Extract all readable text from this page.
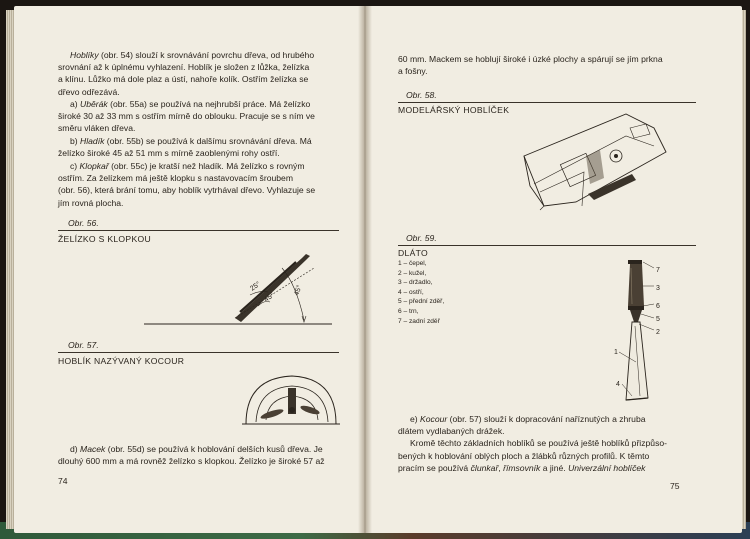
Hoblíky (obr. 54) slouží k srovnávání povrchu dřeva, od hrubého

srovnání až k úplnému vyhlazení. Hoblík je složen z lůžka, želízka

a klínu. Lůžko má dole plaz a ústí, nahoře kolík. Ostřím želízka se

dřevo odřezává.

a) Uběrák (obr. 55a) se používá na nejhrubší práce. Má želízko

široké 30 až 33 mm s ostřím mírně do oblouku. Pracuje se s ním ve

směru vláken dřeva.

b) Hladík (obr. 55b) se používá k dalšímu srovnávání dřeva. Má

želízko široké 45 až 51 mm s mírně zaoblenými rohy ostří.

c) Klopkař (obr. 55c) je kratší než hladík. Má želízko s rovným

ostřím. Za želízkem má ještě klopku s nastavovacím šroubem

(obr. 56), která brání tomu, aby hoblík vytrhával dřevo. Vyhlazuje se

jím rovná plocha.

Obr. 56.
ŽELÍZKO S KLOPKOU
25°
45°
45°
Obr. 57.
HOBLÍK NAZÝVANÝ KOCOUR

d) Macek (obr. 55d) se používá k hoblování delších kusů dřeva. Je

dlouhý 600 mm a má rovněž želízko s klopkou. Želízko je široké 57 až

74

60 mm. Mackem se hoblují široké i úzké plochy a spárují se jím prkna

a fošny.

Obr. 58.
MODELÁŘSKÝ HOBLÍČEK
Obr. 59.
DLÁTO
1 – čepel,
2 – kužel,
3 – držadlo,
4 – ostří,
5 – přední zděř,
6 – trn,
7 – zadní zděř
7
3
6
5
2
1
4

e) Kocour (obr. 57) slouží k dopracování naříznutých a zhruba

dlátem vydlabaných drážek.

Kromě těchto základních hoblíků se používá ještě hoblíků přizpůso-

bených k hoblování oblých ploch a žlábků různých profilů. K těmto

pracím se používá člunkař, římsovník a jiné. Univerzální hoblíček

75
